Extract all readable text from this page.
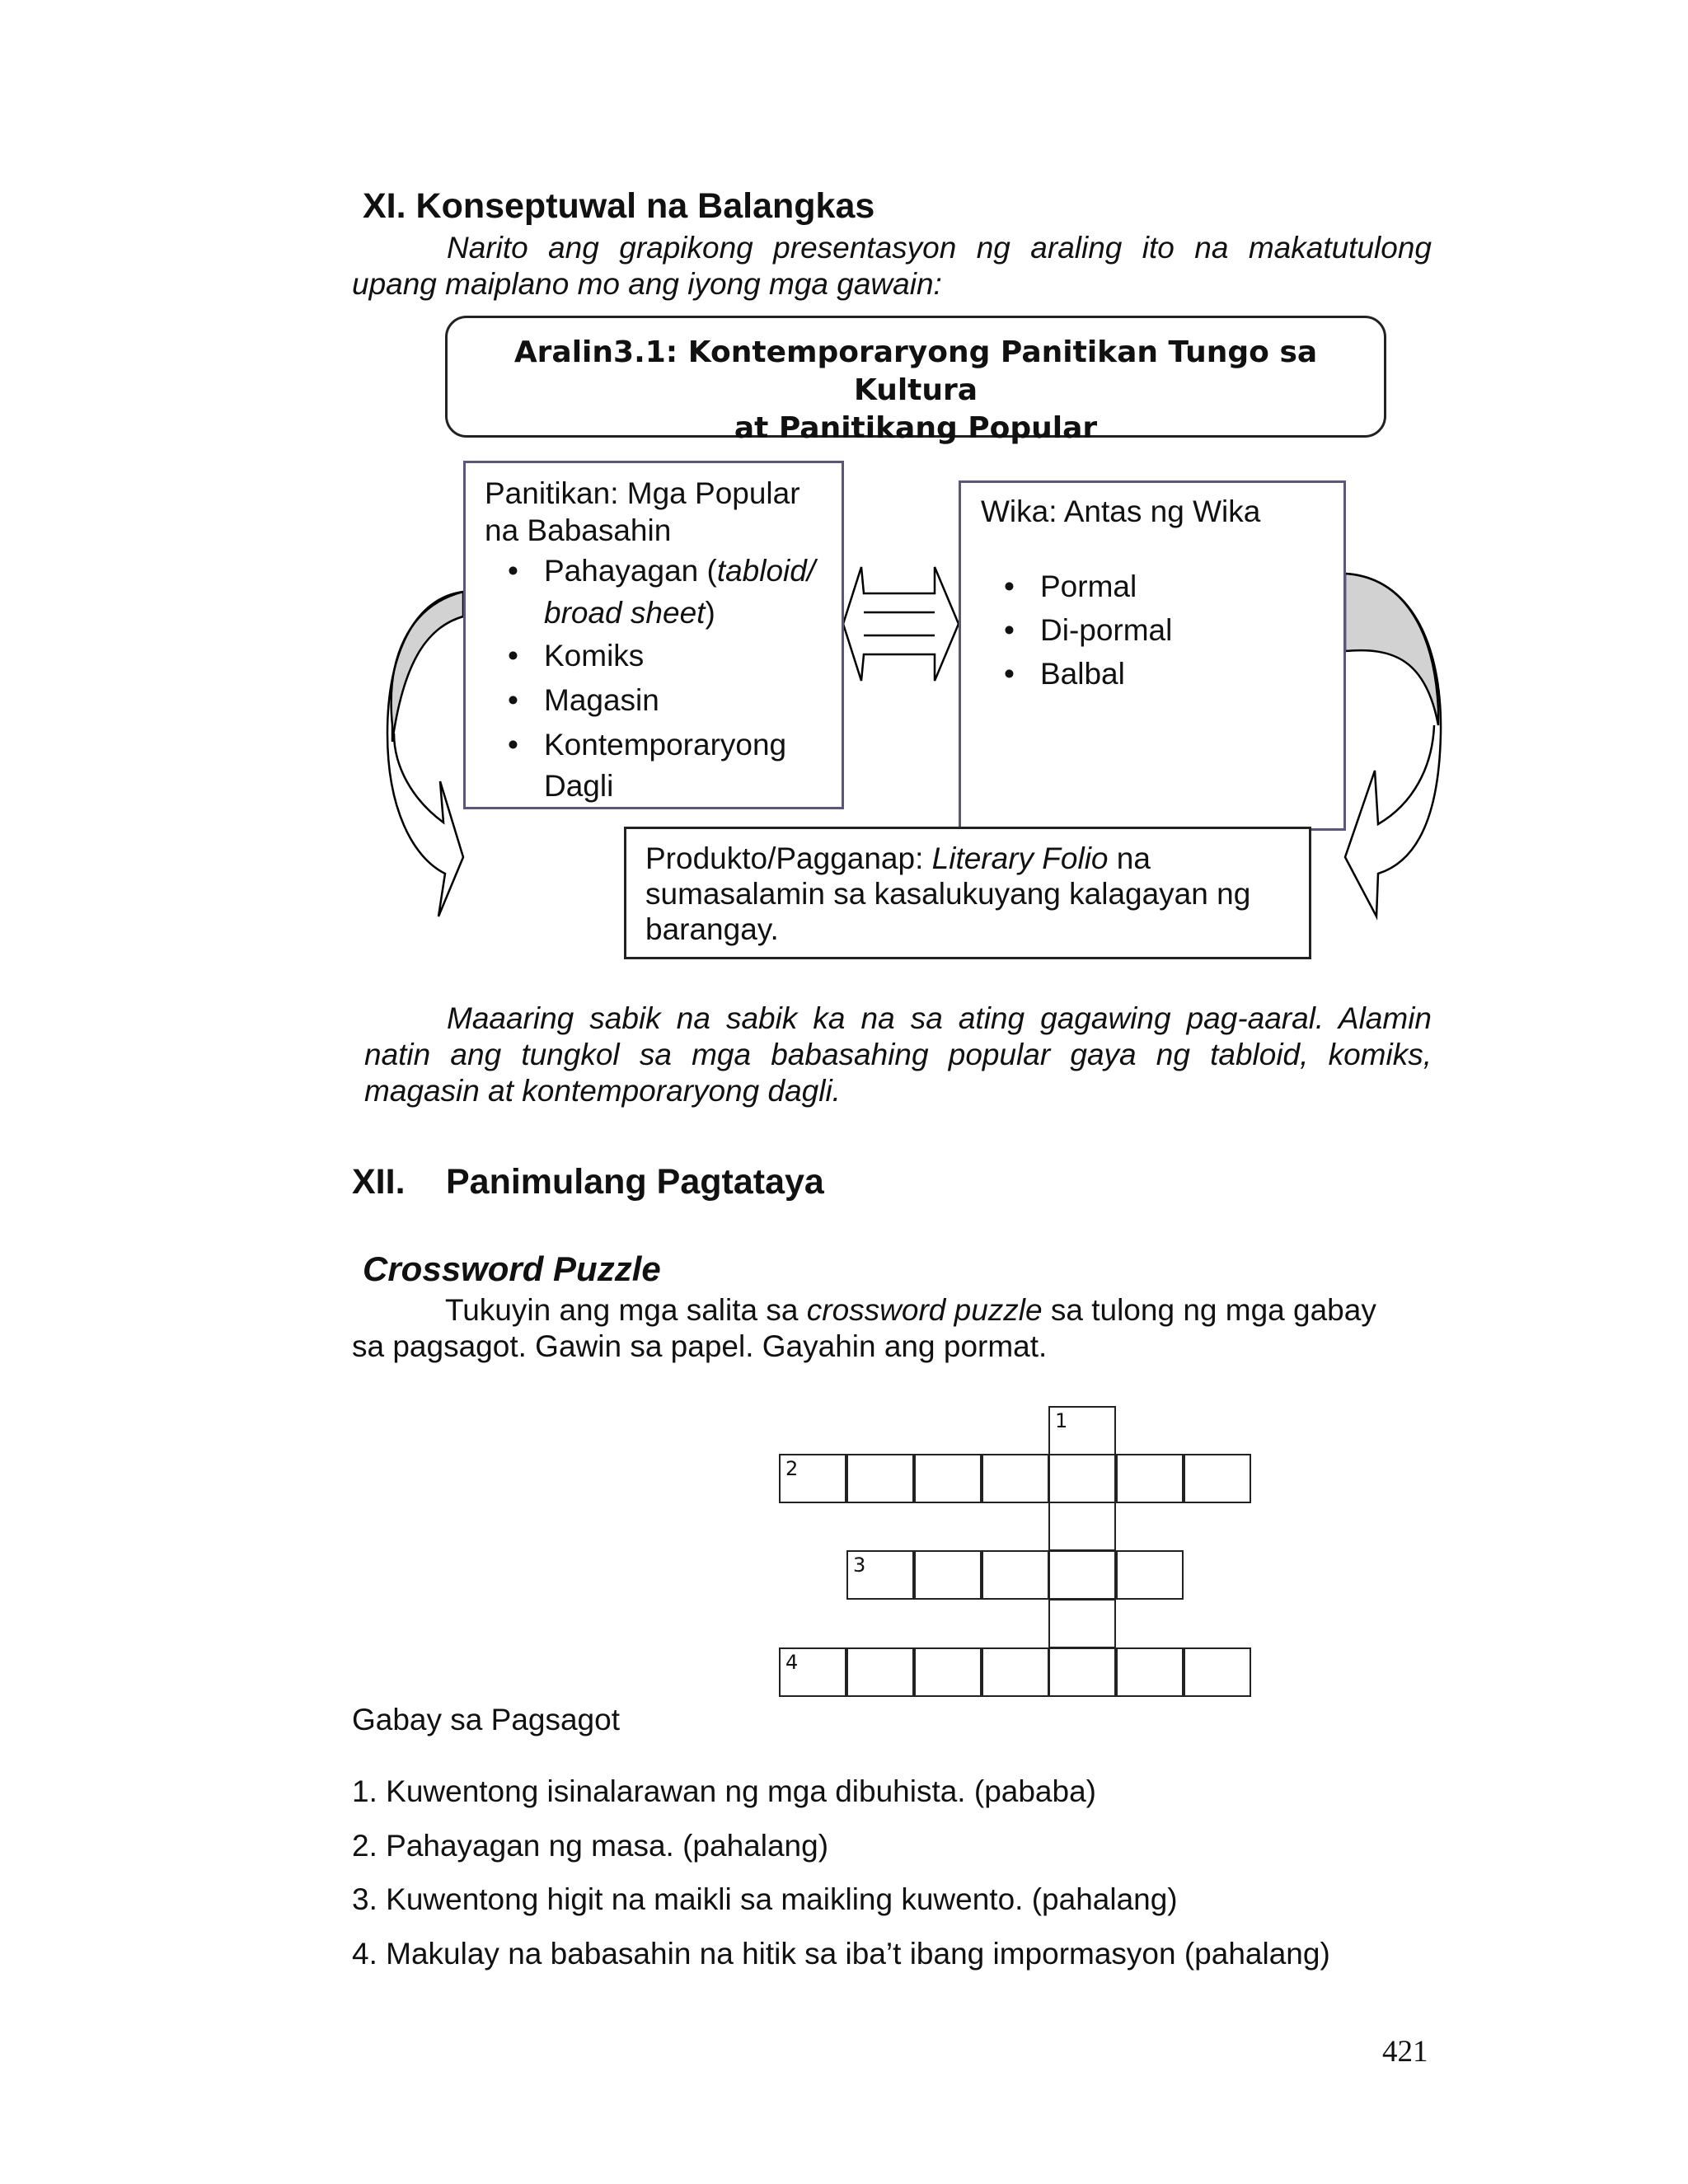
XI. Konseptuwal na Balangkas
Narito ang grapikong presentasyon ng araling ito na makatutulong
upang maiplano mo ang iyong mga gawain:
Aralin3.1: Kontemporaryong Panitikan Tungo sa Kultura
at Panitikang Popular
Panitikan: Mga Popular
na Babasahin
• Pahayagan (tabloid/ broad sheet)
• Komiks
• Magasin
• Kontemporaryong Dagli
Wika: Antas ng Wika
• Pormal
• Di-pormal
• Balbal
Produkto/Pagganap: Literary Folio na sumasalamin sa kasalukuyang kalagayan ng barangay.
Maaaring sabik na sabik ka na sa ating gagawing pag-aaral. Alamin
natin ang tungkol sa mga babasahing popular gaya ng tabloid, komiks,
magasin at kontemporaryong dagli.
XII. Panimulang Pagtataya
Crossword Puzzle
Tukuyin ang mga salita sa crossword puzzle sa tulong ng mga gabay
sa pagsagot. Gawin sa papel. Gayahin ang pormat.
1
2
3
4
Gabay sa Pagsagot
1. Kuwentong isinalarawan ng mga dibuhista. (pababa)
2. Pahayagan ng masa. (pahalang)
3. Kuwentong higit na maikli sa maikling kuwento. (pahalang)
4. Makulay na babasahin na hitik sa iba’t ibang impormasyon (pahalang)
421
